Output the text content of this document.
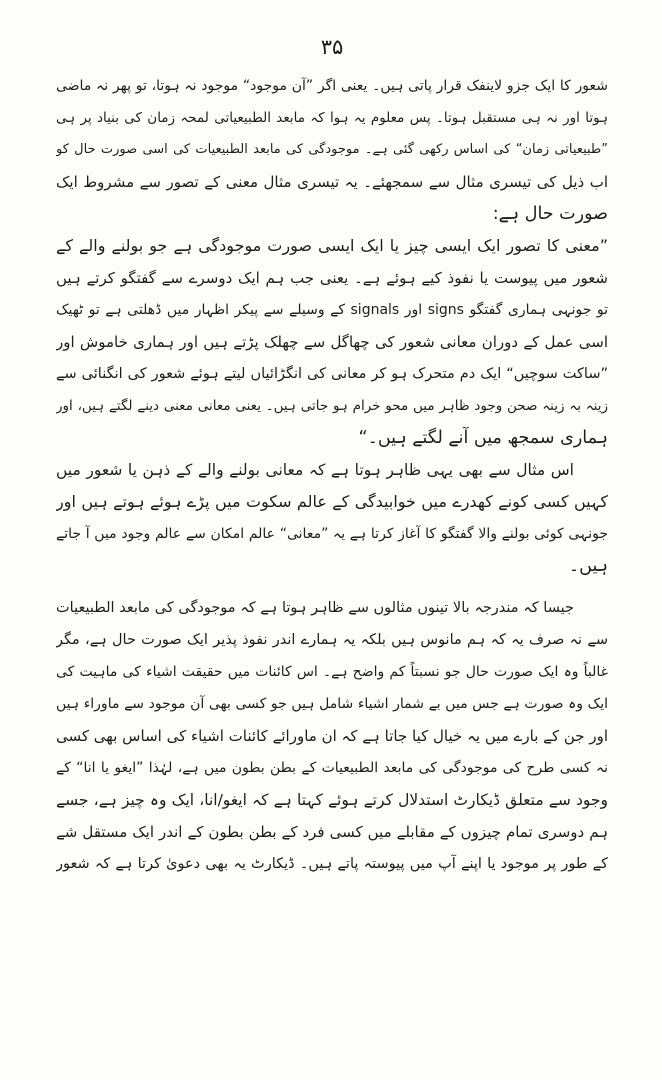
۳۵
شعور کا ایک جزو لاینفک قرار پاتی ہیں۔ یعنی اگر ”آن موجود“ موجود نہ ہوتا، تو پھر نہ ماضی
ہوتا اور نہ ہی مستقبل ہوتا۔ پس معلوم یہ ہوا کہ مابعد الطبیعیاتی لمحہ زمان کی بنیاد پر ہی
”طبیعیاتی زمان“ کی اساس رکھی گئی ہے۔ موجودگی کی مابعد الطبیعیات کی اسی صورت حال کو
اب ذیل کی تیسری مثال سے سمجھئے۔ یہ تیسری مثال معنی کے تصور سے مشروط ایک
صورت حال ہے:
”معنی کا تصور ایک ایسی چیز یا ایک ایسی صورت موجودگی ہے جو بولنے والے کے
شعور میں پیوست یا نفوذ کیے ہوئے ہے۔ یعنی جب ہم ایک دوسرے سے گفتگو کرتے ہیں
تو جونہی ہماری گفتگو signs اور signals کے وسیلے سے پیکر اظہار میں ڈھلتی ہے تو ٹھیک
اسی عمل کے دوران معانی شعور کی چھاگل سے چھلک پڑتے ہیں اور ہماری خاموش اور
”ساکت سوچیں“ ایک دم متحرک ہو کر معانی کی انگڑائیاں لیتے ہوئے شعور کی انگنائی سے
زینہ بہ زینہ صحن وجود ظاہر میں محو خرام ہو جاتی ہیں۔ یعنی معانی معنی دینے لگتے ہیں، اور
ہماری سمجھ میں آنے لگتے ہیں۔“
اس مثال سے بھی یہی ظاہر ہوتا ہے کہ معانی بولنے والے کے ذہن یا شعور میں
کہیں کسی کونے کھدرے میں خوابیدگی کے عالم سکوت میں پڑے ہوئے ہوتے ہیں اور
جونہی کوئی بولنے والا گفتگو کا آغاز کرتا ہے یہ ”معانی“ عالم امکان سے عالم وجود میں آ جاتے
ہیں۔
جیسا کہ مندرجہ بالا تینوں مثالوں سے ظاہر ہوتا ہے کہ موجودگی کی مابعد الطبیعیات
سے نہ صرف یہ کہ ہم مانوس ہیں بلکہ یہ ہمارے اندر نفوذ پذیر ایک صورت حال ہے، مگر
غالباً وہ ایک صورت حال جو نسبتاً کم واضح ہے۔ اس کائنات میں حقیقت اشیاء کی ماہیت کی
ایک وہ صورت ہے جس میں بے شمار اشیاء شامل ہیں جو کسی بھی آن موجود سے ماوراء ہیں
اور جن کے بارے میں یہ خیال کیا جاتا ہے کہ ان ماورائے کائنات اشیاء کی اساس بھی کسی
نہ کسی طرح کی موجودگی کی مابعد الطبیعیات کے بطن بطون میں ہے، لہٰذا ”ایغو یا انا“ کے
وجود سے متعلق ڈیکارٹ استدلال کرتے ہوئے کہتا ہے کہ ایغو/انا، ایک وہ چیز ہے، جسے
ہم دوسری تمام چیزوں کے مقابلے میں کسی فرد کے بطن بطون کے اندر ایک مستقل شے
کے طور پر موجود یا اپنے آپ میں پیوستہ پاتے ہیں۔ ڈیکارٹ یہ بھی دعویٰ کرتا ہے کہ شعور
